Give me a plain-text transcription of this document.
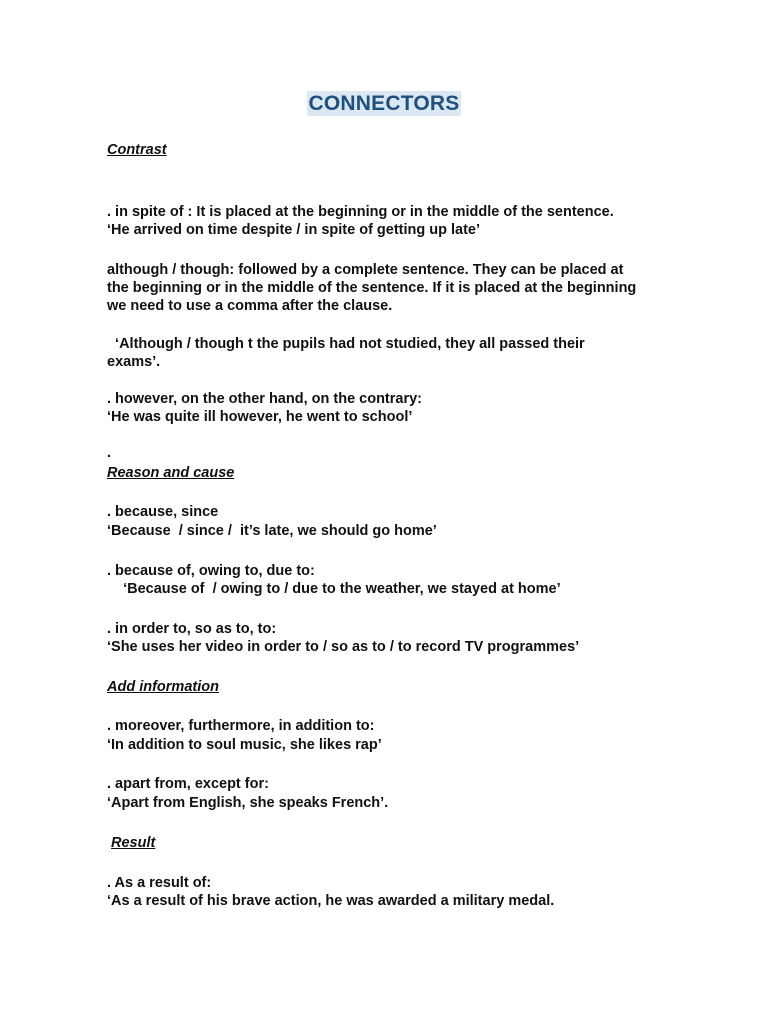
CONNECTORS
Contrast
. in spite of : It is placed at the beginning or in the middle of the sentence.
‘He arrived on time despite / in spite of getting up late’
although / though: followed by a complete sentence. They can be placed at
the beginning or in the middle of the sentence. If it is placed at the beginning
we need to use a comma after the clause.
‘Although / though t the pupils had not studied, they all passed their
exams’.
. however, on the other hand, on the contrary:
‘He was quite ill however, he went to school’
.
Reason and cause
. because, since
‘Because  / since /  it’s late, we should go home’
. because of, owing to, due to:
‘Because of  / owing to / due to the weather, we stayed at home’
. in order to, so as to, to:
‘She uses her video in order to / so as to / to record TV programmes’
Add information
. moreover, furthermore, in addition to:
‘In addition to soul music, she likes rap’
. apart from, except for:
‘Apart from English, she speaks French’.
Result
. As a result of:
‘As a result of his brave action, he was awarded a military medal.
